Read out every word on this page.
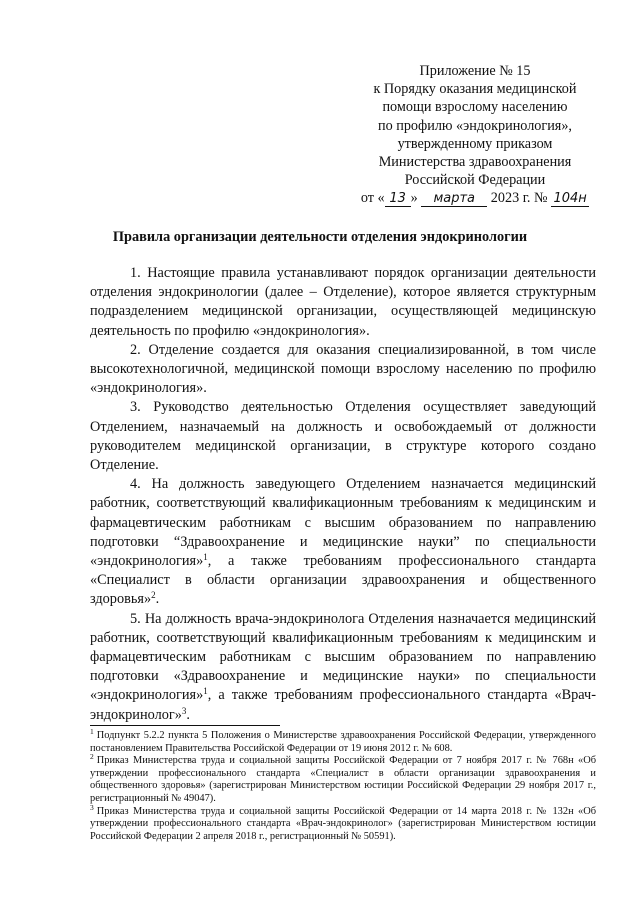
Приложение № 15
к Порядку оказания медицинской
помощи взрослому населению
по профилю «эндокринология»,
утвержденному приказом
Министерства здравоохранения
Российской Федерации
от « 13 » марта 2023 г. № 104н
Правила организации деятельности отделения эндокринологии

1. Настоящие правила устанавливают порядок организации деятельности отделения эндокринологии (далее – Отделение), которое является структурным подразделением медицинской организации, осуществляющей медицинскую деятельность по профилю «эндокринология».

2. Отделение создается для оказания специализированной, в том числе высокотехнологичной, медицинской помощи взрослому населению по профилю «эндокринология».

3. Руководство деятельностью Отделения осуществляет заведующий Отделением, назначаемый на должность и освобождаемый от должности руководителем медицинской организации, в структуре которого создано Отделение.

4. На должность заведующего Отделением назначается медицинский работник, соответствующий квалификационным требованиям к медицинским и фармацевтическим работникам с высшим образованием по направлению подготовки “Здравоохранение и медицинские науки” по специальности «эндокринология»$^1$, а также требованиям профессионального стандарта «Специалист в области организации здравоохранения и общественного здоровья»$^2$.

5. На должность врача-эндокринолога Отделения назначается медицинский работник, соответствующий квалификационным требованиям к медицинским и фармацевтическим работникам с высшим образованием по направлению подготовки «Здравоохранение и медицинские науки» по специальности «эндокринология»$^1$, а также требованиям профессионального стандарта «Врач-эндокринолог»$^3$.

$^1$ Подпункт 5.2.2 пункта 5 Положения о Министерстве здравоохранения Российской Федерации, утвержденного постановлением Правительства Российской Федерации от 19 июня 2012 г. № 608.

$^2$ Приказ Министерства труда и социальной защиты Российской Федерации от 7 ноября 2017 г. № 768н «Об утверждении профессионального стандарта «Специалист в области организации здравоохранения и общественного здоровья» (зарегистрирован Министерством юстиции Российской Федерации 29 ноября 2017 г., регистрационный № 49047).

$^3$ Приказ Министерства труда и социальной защиты Российской Федерации от 14 марта 2018 г. № 132н «Об утверждении профессионального стандарта «Врач-эндокринолог» (зарегистрирован Министерством юстиции Российской Федерации 2 апреля 2018 г., регистрационный № 50591).
